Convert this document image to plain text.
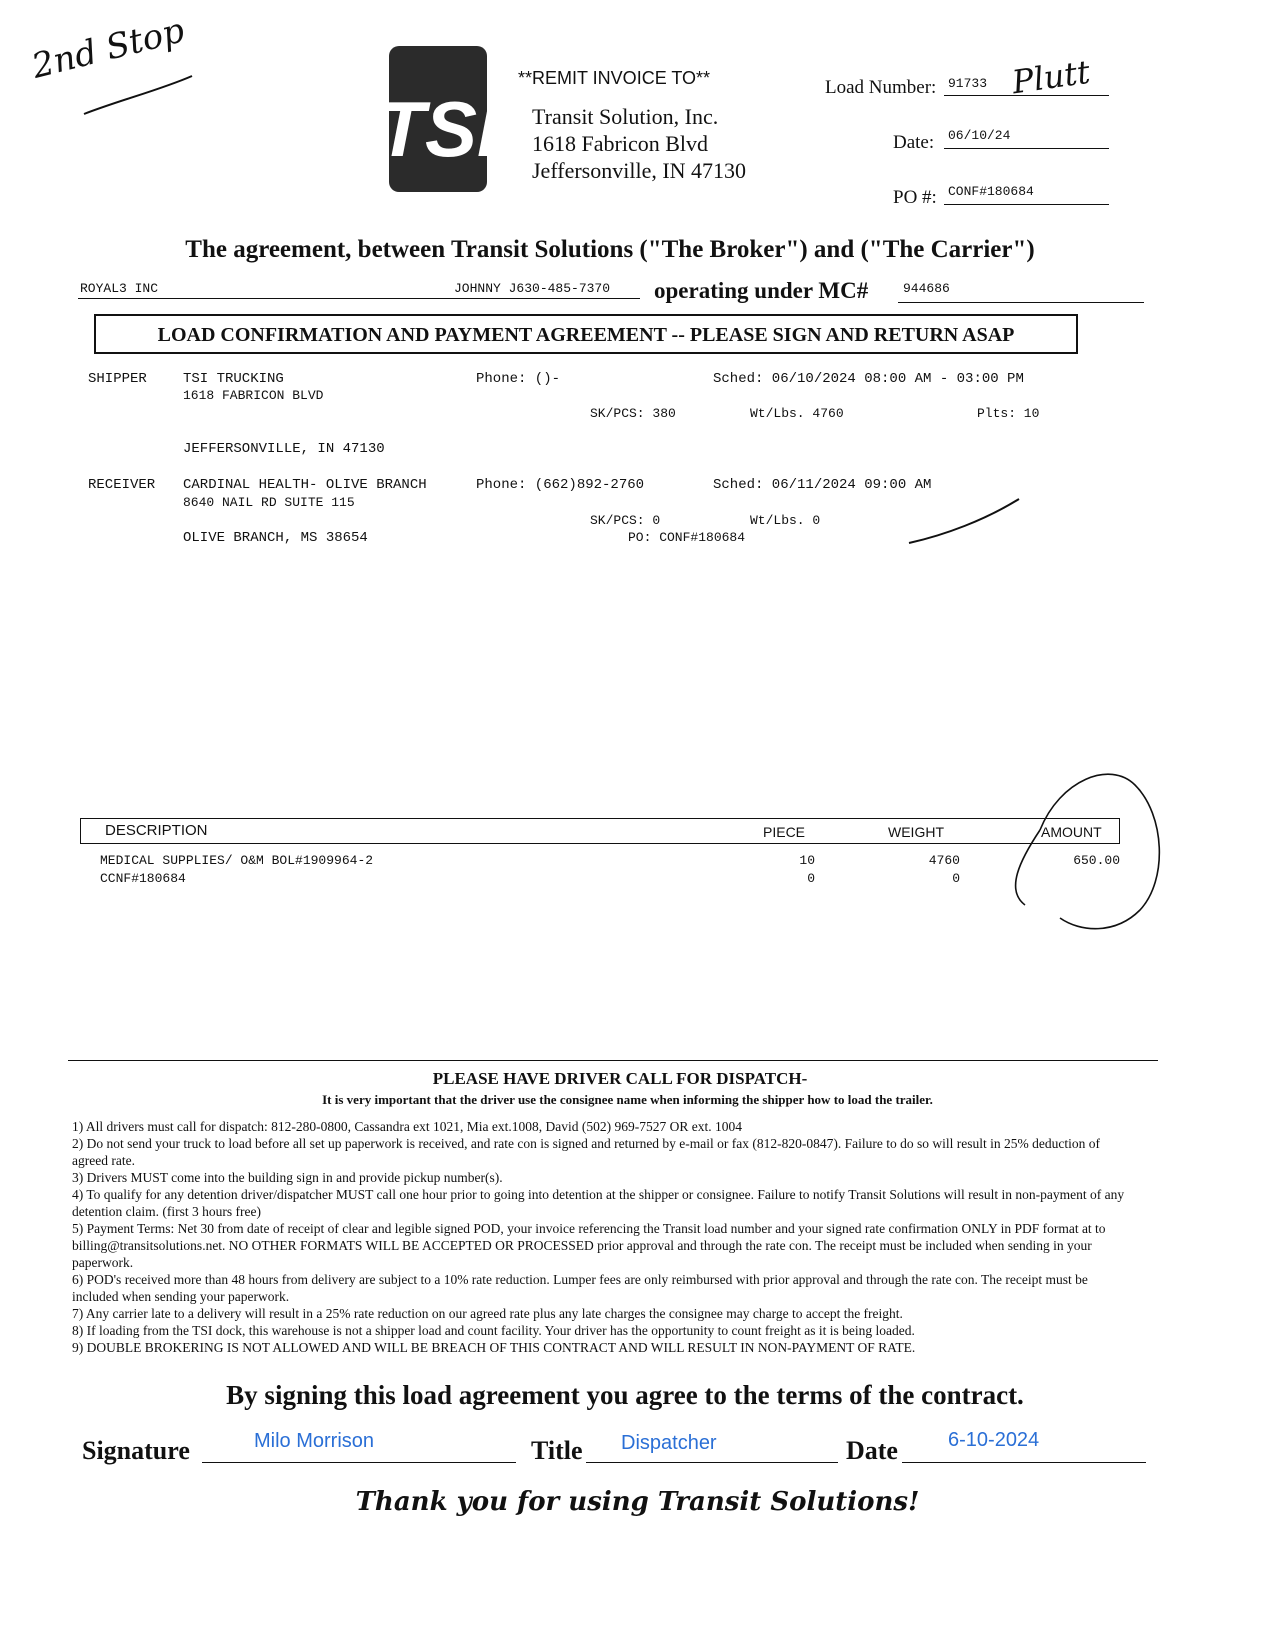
2nd Stop
TSI
**REMIT INVOICE TO**
Transit Solution, Inc.
1618 Fabricon Blvd
Jeffersonville, IN 47130
Load Number: 91733 Plutt
Date: 06/10/24
PO #: CONF#180684
The agreement, between Transit Solutions ("The Broker") and ("The Carrier")
ROYAL3 INC	JOHNNY J630-485-7370 operating under MC#	944686
LOAD CONFIRMATION AND PAYMENT AGREEMENT -- PLEASE SIGN AND RETURN ASAP
SHIPPER	TSI TRUCKING
1618 FABRICON BLVD
Phone: ()-	Sched: 06/10/2024 08:00 AM - 03:00 PM
SK/PCS: 380	Wt/Lbs. 4760	Plts: 10
JEFFERSONVILLE, IN 47130
RECEIVER CARDINAL HEALTH- OLIVE BRANCH
8640 NAIL RD SUITE 115
Phone: (662)892-2760	Sched: 06/11/2024 09:00 AM
SK/PCS: 0	Wt/Lbs. 0
OLIVE BRANCH, MS 38654	PO: CONF#180684
DESCRIPTION	PIECE	WEIGHT	AMOUNT
MEDICAL SUPPLIES/ O&M BOL#1909964-2	10	4760	650.00
CCNF#180684	0	0
PLEASE HAVE DRIVER CALL FOR DISPATCH-
It is very important that the driver use the consignee name when informing the shipper how to load the trailer.
1) All drivers must call for dispatch: 812-280-0800, Cassandra ext 1021, Mia ext.1008, David (502) 969-7527 OR ext. 1004
2) Do not send your truck to load before all set up paperwork is received, and rate con is signed and returned by e-mail or fax (812-820-0847). Failure to do so will result in 25% deduction of agreed rate.
3) Drivers MUST come into the building sign in and provide pickup number(s).
4) To qualify for any detention driver/dispatcher MUST call one hour prior to going into detention at the shipper or consignee. Failure to notify Transit Solutions will result in non-payment of any detention claim. (first 3 hours free)
5) Payment Terms: Net 30 from date of receipt of clear and legible signed POD, your invoice referencing the Transit load number and your signed rate confirmation ONLY in PDF format at to billing@transitsolutions.net. NO OTHER FORMATS WILL BE ACCEPTED OR PROCESSED prior approval and through the rate con. The receipt must be included when sending in your paperwork.
6) POD's received more than 48 hours from delivery are subject to a 10% rate reduction. Lumper fees are only reimbursed with prior approval and through the rate con. The receipt must be included when sending your paperwork.
7) Any carrier late to a delivery will result in a 25% rate reduction on our agreed rate plus any late charges the consignee may charge to accept the freight.
8) If loading from the TSI dock, this warehouse is not a shipper load and count facility. Your driver has the opportunity to count freight as it is being loaded.
9) DOUBLE BROKERING IS NOT ALLOWED AND WILL BE BREACH OF THIS CONTRACT AND WILL RESULT IN NON-PAYMENT OF RATE.
By signing this load agreement you agree to the terms of the contract.
Signature	Milo Morrison	Title Dispatcher	Date	6-10-2024
Thank you for using Transit Solutions!
